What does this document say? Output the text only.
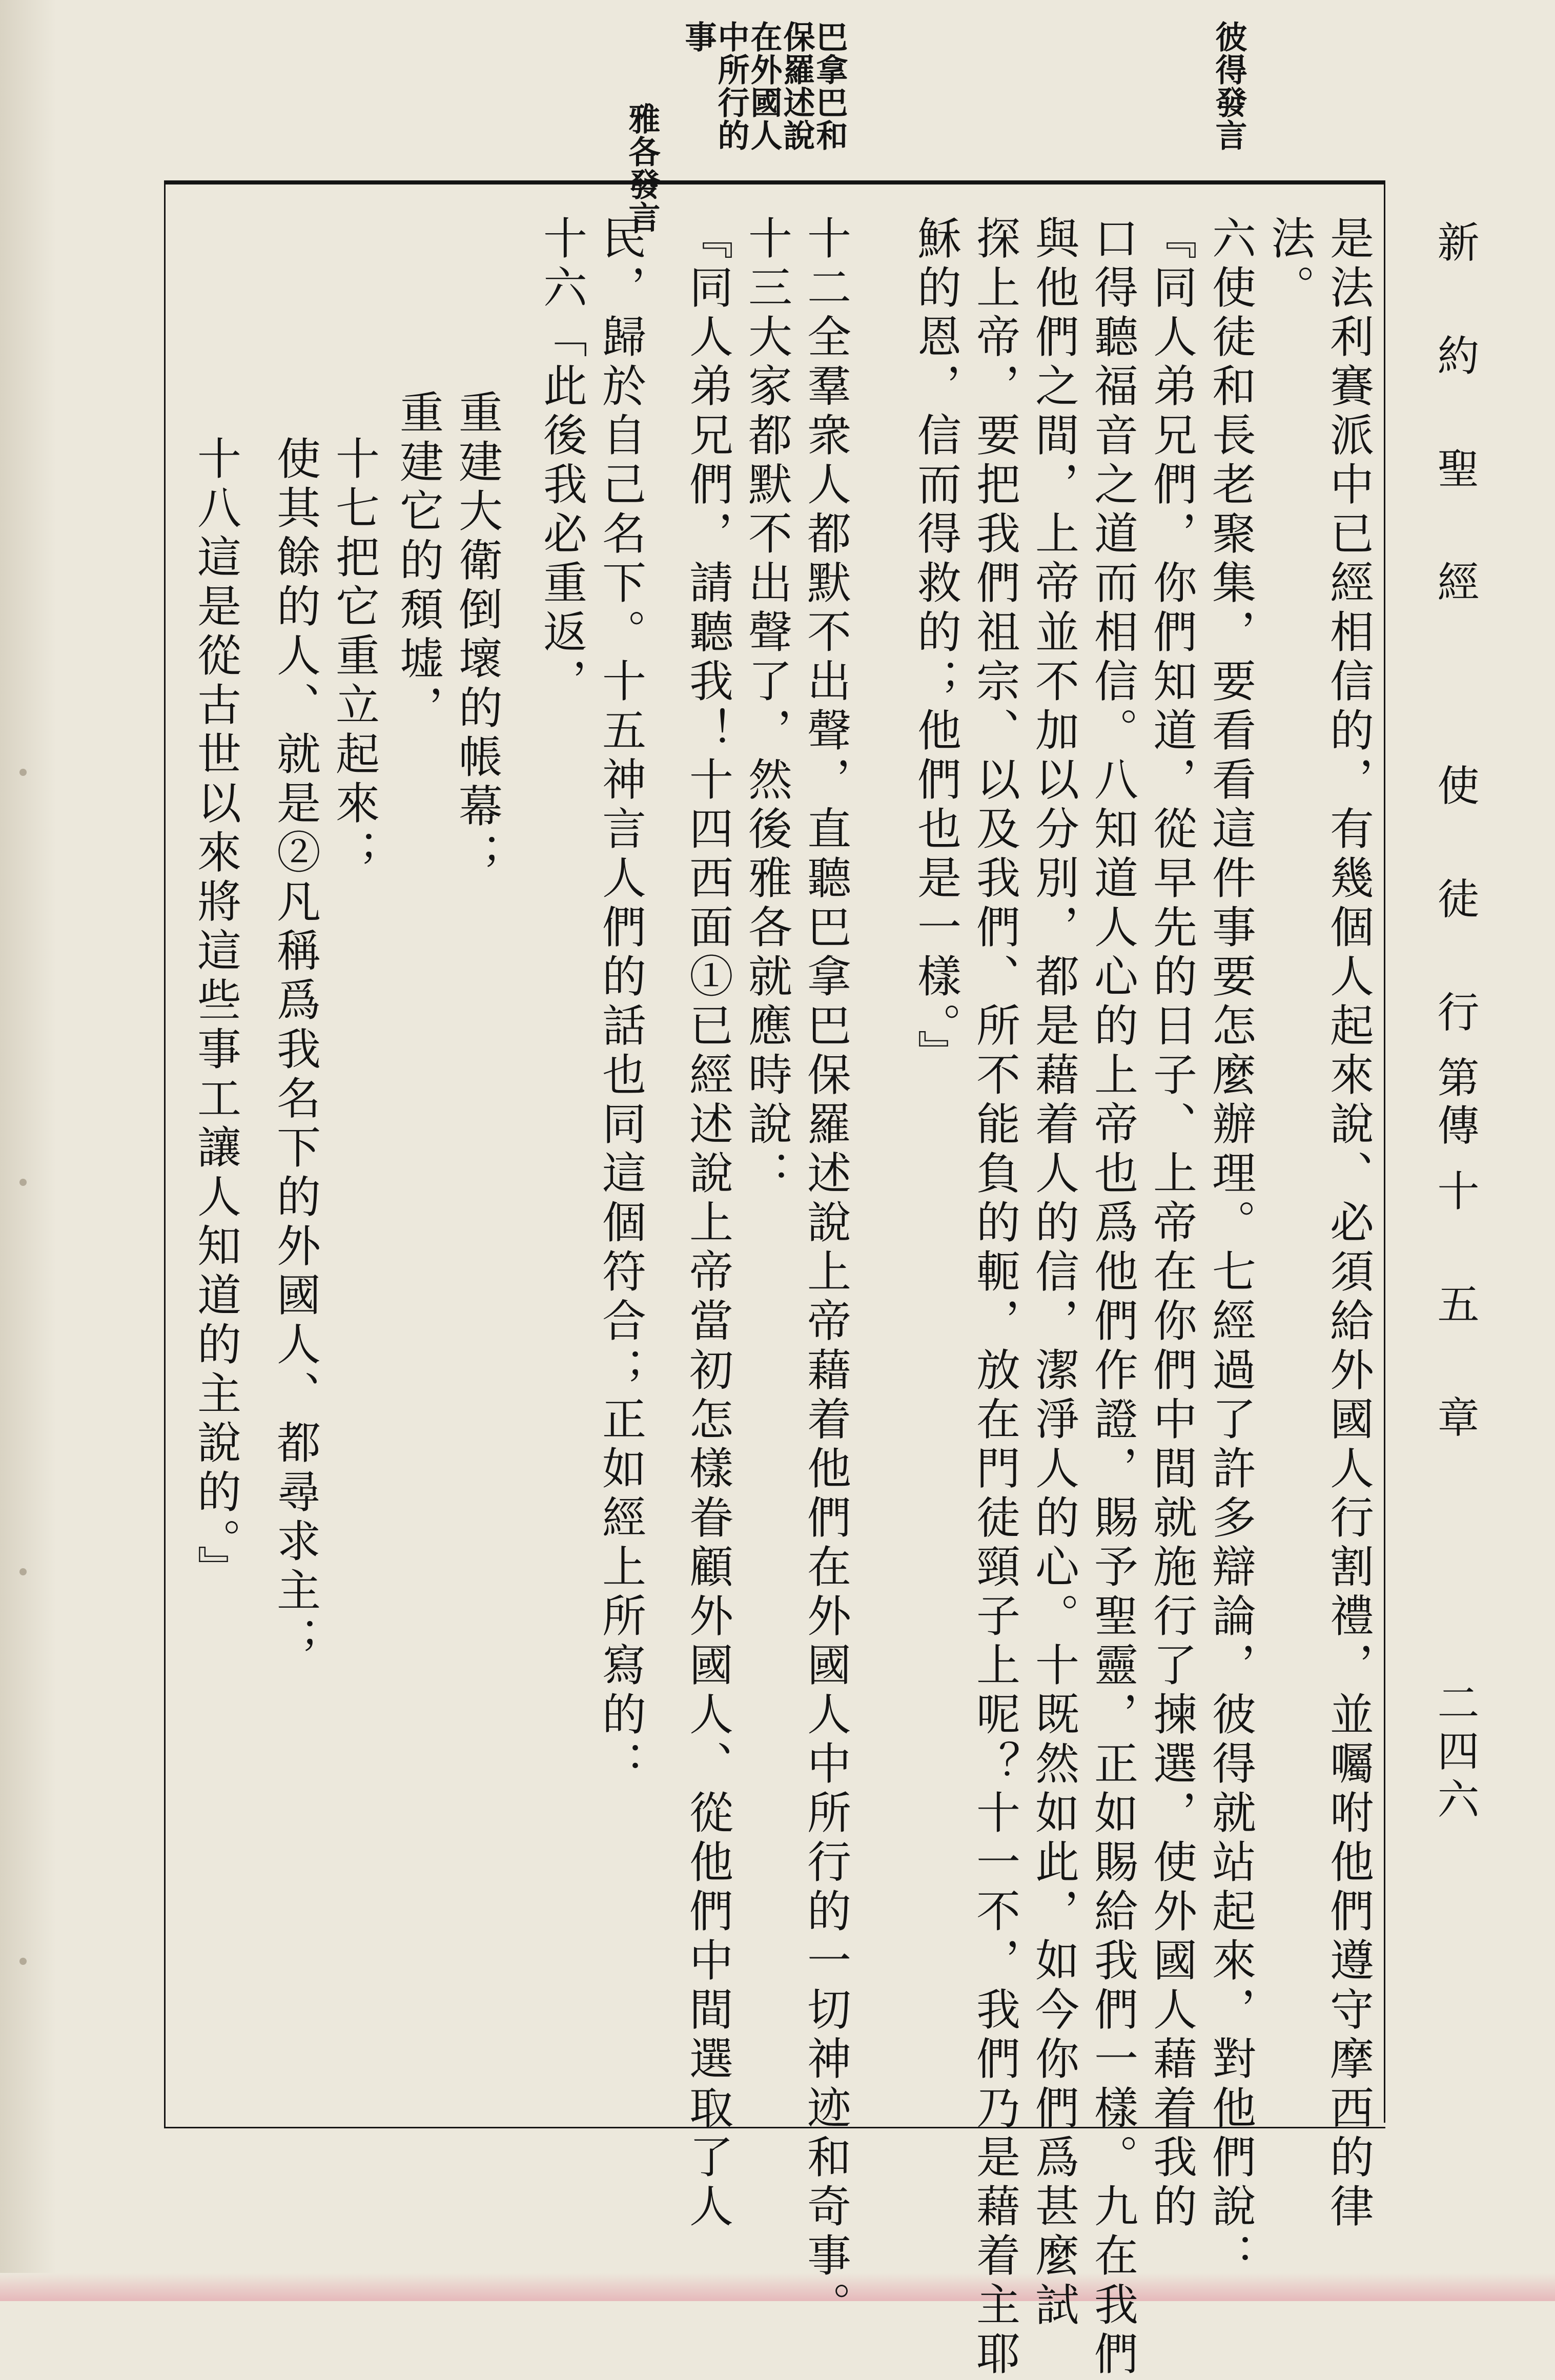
新 約 聖 經
使 徒 行 傳
第 十 五 章
二四六
彼得發言
巴拿巴和保羅述說在外國人中所行的事
雅各發言
是法利賽派中已經相信的，有幾個人起來說、必須給外國人行割禮，並囑咐他們遵守摩西的律
法。
六使徒和長老聚集，要看看這件事要怎麼辦理。七經過了許多辯論，彼得就站起來，對他們說：
『同人弟兄們，你們知道，從早先的日子、上帝在你們中間就施行了揀選，使外國人藉着我的
口得聽福音之道而相信。八知道人心的上帝也爲他們作證，賜予聖靈，正如賜給我們一樣。九在我們
與他們之間，上帝並不加以分別，都是藉着人的信，潔淨人的心。十既然如此，如今你們爲甚麼試
探上帝，要把我們祖宗、以及我們、所不能負的軛，放在門徒頸子上呢？十一不，我們乃是藉着主耶
穌的恩，信而得救的；他們也是一樣。』
十二全羣衆人都默不出聲，直聽巴拿巴保羅述說上帝藉着他們在外國人中所行的一切神迹和奇事。
十三大家都默不出聲了，然後雅各就應時說：
『同人弟兄們，請聽我！十四西面①已經述說上帝當初怎樣眷顧外國人、從他們中間選取了人
民，歸於自己名下。十五神言人們的話也同這個符合；正如經上所寫的：
十六「此後我必重返，
重建大衛倒壞的帳幕；
重建它的頹墟，
十七把它重立起來；
使其餘的人、就是②凡稱爲我名下的外國人、都尋求主；
十八這是從古世以來將這些事工讓人知道的主說的。』
